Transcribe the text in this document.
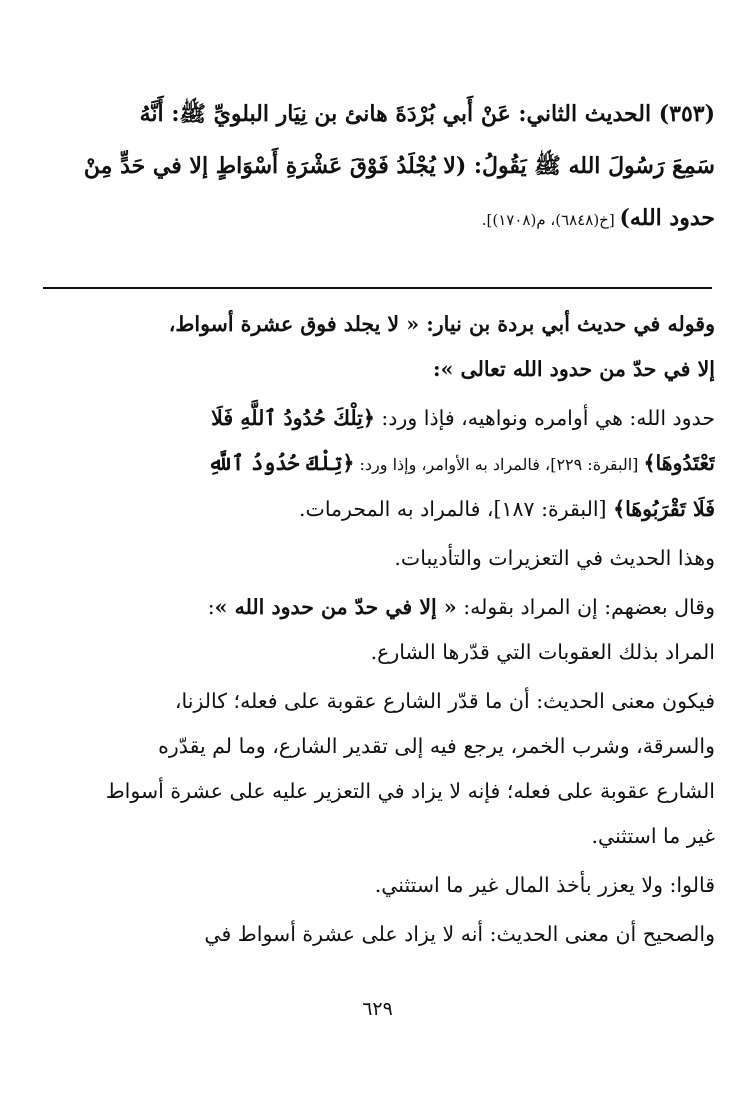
(٣٥٣) الحديث الثاني: عَنْ أَبي بُرْدَةَ هانئ بن نِيَار البلويِّ ﷺ: أَنَّهُ
سَمِعَ رَسُولَ الله ﷺ يَقُولُ: (لا يُجْلَدُ فَوْقَ عَشْرَةِ أَسْوَاطٍ إلا في حَدٍّ مِنْ
حدود الله) [خ(٦٨٤٨)، م(١٧٠٨)].
وقوله في حديث أبي بردة بن نيار: « لا يجلد فوق عشرة أسواط،
إلا في حدّ من حدود الله تعالى »:
حدود الله: هي أوامره ونواهيه، فإذا ورد: ﴿تِلْكَ حُدُودُ ٱللَّهِ فَلَا
تَعْتَدُوهَا﴾ [البقرة: ٢٢٩]، فالمراد به الأوامر، وإذا ورد: ﴿تِلْكَ حُدُودُ ٱللَّهِ
فَلَا تَقْرَبُوهَا﴾ [البقرة: ١٨٧]، فالمراد به المحرمات.
وهذا الحديث في التعزيرات والتأديبات.
وقال بعضهم: إن المراد بقوله: « إلا في حدّ من حدود الله »:
المراد بذلك العقوبات التي قدّرها الشارع.
فيكون معنى الحديث: أن ما قدّر الشارع عقوبة على فعله؛ كالزنا،
والسرقة، وشرب الخمر، يرجع فيه إلى تقدير الشارع، وما لم يقدّره
الشارع عقوبة على فعله؛ فإنه لا يزاد في التعزير عليه على عشرة أسواط
غير ما استثني.
قالوا: ولا يعزر بأخذ المال غير ما استثني.
والصحيح أن معنى الحديث: أنه لا يزاد على عشرة أسواط في
٦٢٩
